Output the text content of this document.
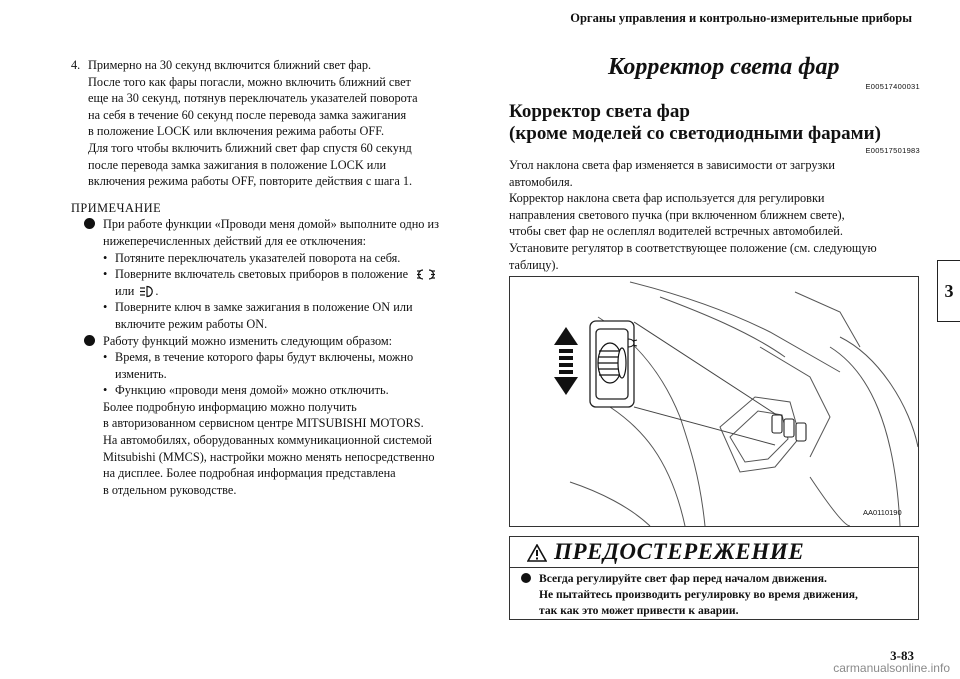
Органы управления и контрольно-измерительные приборы
3
4. Примерно на 30 секунд включится ближний свет фар.
После того как фары погасли, можно включить ближний свет
еще на 30 секунд, потянув переключатель указателей поворота
на себя в течение 60 секунд после перевода замка зажигания
в положение LOCK или включения режима работы OFF.
Для того чтобы включить ближний свет фар спустя 60 секунд
после перевода замка зажигания в положение LOCK или
включения режима работы OFF, повторите действия с шага 1.
ПРИМЕЧАНИЕ
При работе функции «Проводи меня домой» выполните одно из
нижеперечисленных действий для ее отключения:
• Потяните переключатель указателей поворота на себя.
• Поверните включатель световых приборов в положение
или .
• Поверните ключ в замке зажигания в положение ON или
включите режим работы ON.
Работу функций можно изменить следующим образом:
• Время, в течение которого фары будут включены, можно
изменить.
• Функцию «проводи меня домой» можно отключить.
Более подробную информацию можно получить
в авторизованном сервисном центре MITSUBISHI MOTORS.
На автомобилях, оборудованных коммуникационной системой
Mitsubishi (MMCS), настройки можно менять непосредственно
на дисплее. Более подробная информация представлена
в отдельном руководстве.
Корректор света фар
E00517400031
Корректор света фар
(кроме моделей со светодиодными фарами)
E00517501983
Угол наклона света фар изменяется в зависимости от загрузки
автомобиля.
Корректор наклона света фар используется для регулировки
направления светового пучка (при включенном ближнем свете),
чтобы свет фар не ослеплял водителей встречных автомобилей.
Установите регулятор в соответствующее положение (см. следующую
таблицу).
AA0110190
ПРЕДОСТЕРЕЖЕНИЕ
Всегда регулируйте свет фар перед началом движения.
Не пытайтесь производить регулировку во время движения,
так как это может привести к аварии.
3-83
carmanualsonline.info
